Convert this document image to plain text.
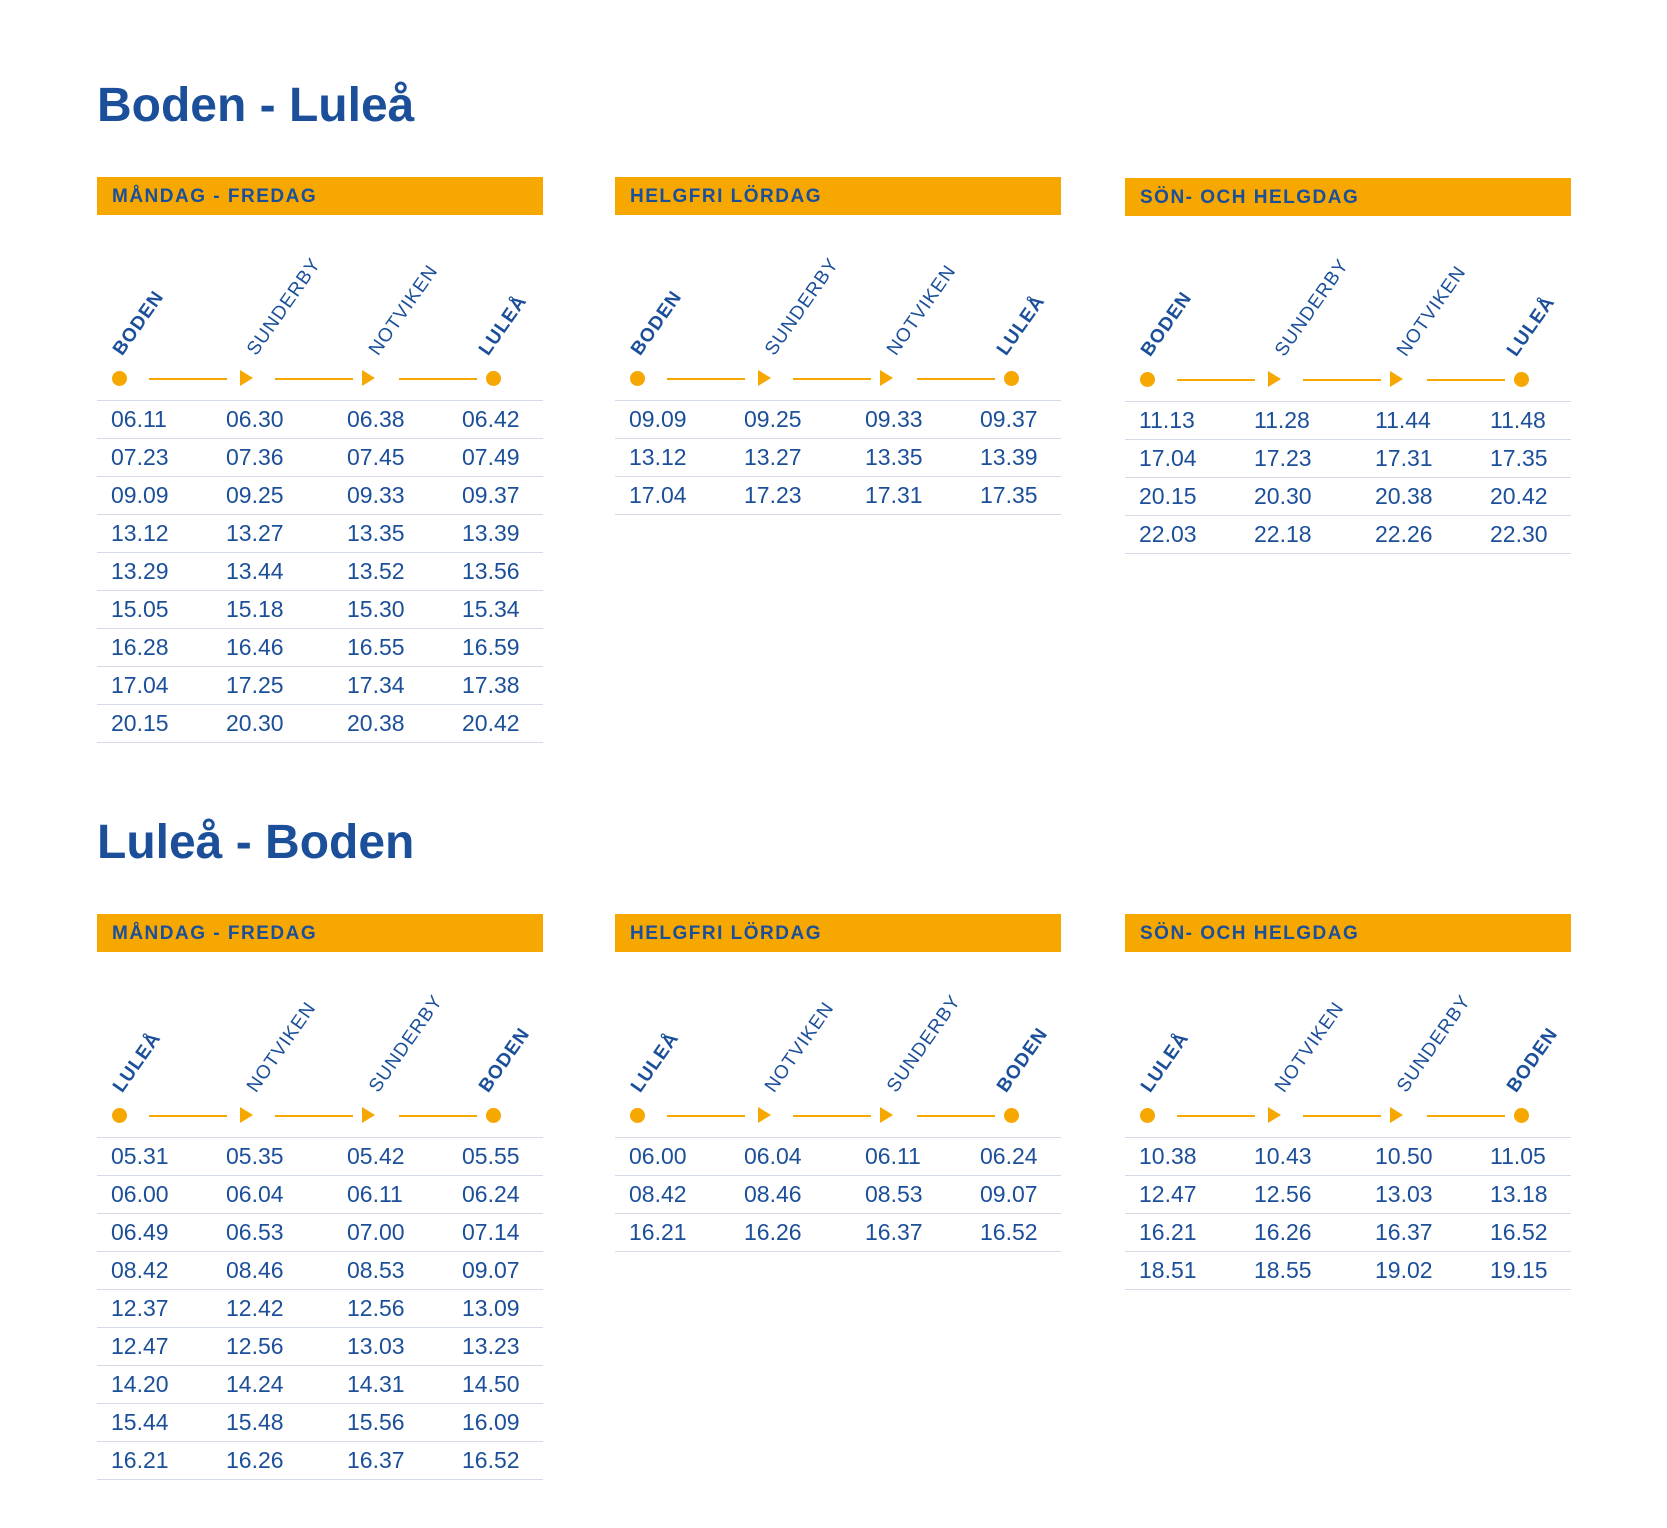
Boden - Luleå
MÅNDAG - FREDAG
BODEN	SUNDERBY NOTVIKEN LULEÅ
06.11	06.30	06.38	06.42
07.23	07.36	07.45	07.49
09.09	09.25	09.33	09.37
13.12	13.27	13.35	13.39
13.29	13.44	13.52	13.56
15.05	15.18	15.30	15.34
16.28	16.46	16.55	16.59
17.04	17.25	17.34	17.38
20.15	20.30	20.38	20.42
HELGFRI LÖRDAG
BODEN	SUNDERBY NOTVIKEN LULEÅ
09.09	09.25	09.33	09.37
13.12	13.27	13.35	13.39
17.04	17.23	17.31	17.35
SÖN- OCH HELGDAG
BODEN	SUNDERBY NOTVIKEN LULEÅ
11.13	11.28	11.44	11.48
17.04	17.23	17.31	17.35
20.15	20.30	20.38	20.42
22.03	22.18	22.26	22.30
Luleå - Boden
MÅNDAG - FREDAG
LULEÅ	NOTVIKEN SUNDERBY BODEN
05.31	05.35	05.42	05.55
06.00	06.04	06.11	06.24
06.49	06.53	07.00	07.14
08.42	08.46	08.53	09.07
12.37	12.42	12.56	13.09
12.47	12.56	13.03	13.23
14.20	14.24	14.31	14.50
15.44	15.48	15.56	16.09
16.21	16.26	16.37	16.52
HELGFRI LÖRDAG
LULEÅ	NOTVIKEN SUNDERBY BODEN
06.00	06.04	06.11	06.24
08.42	08.46	08.53	09.07
16.21	16.26	16.37	16.52
SÖN- OCH HELGDAG
LULEÅ	NOTVIKEN SUNDERBY BODEN
10.38	10.43	10.50	11.05
12.47	12.56	13.03	13.18
16.21	16.26	16.37	16.52
18.51	18.55	19.02	19.15
